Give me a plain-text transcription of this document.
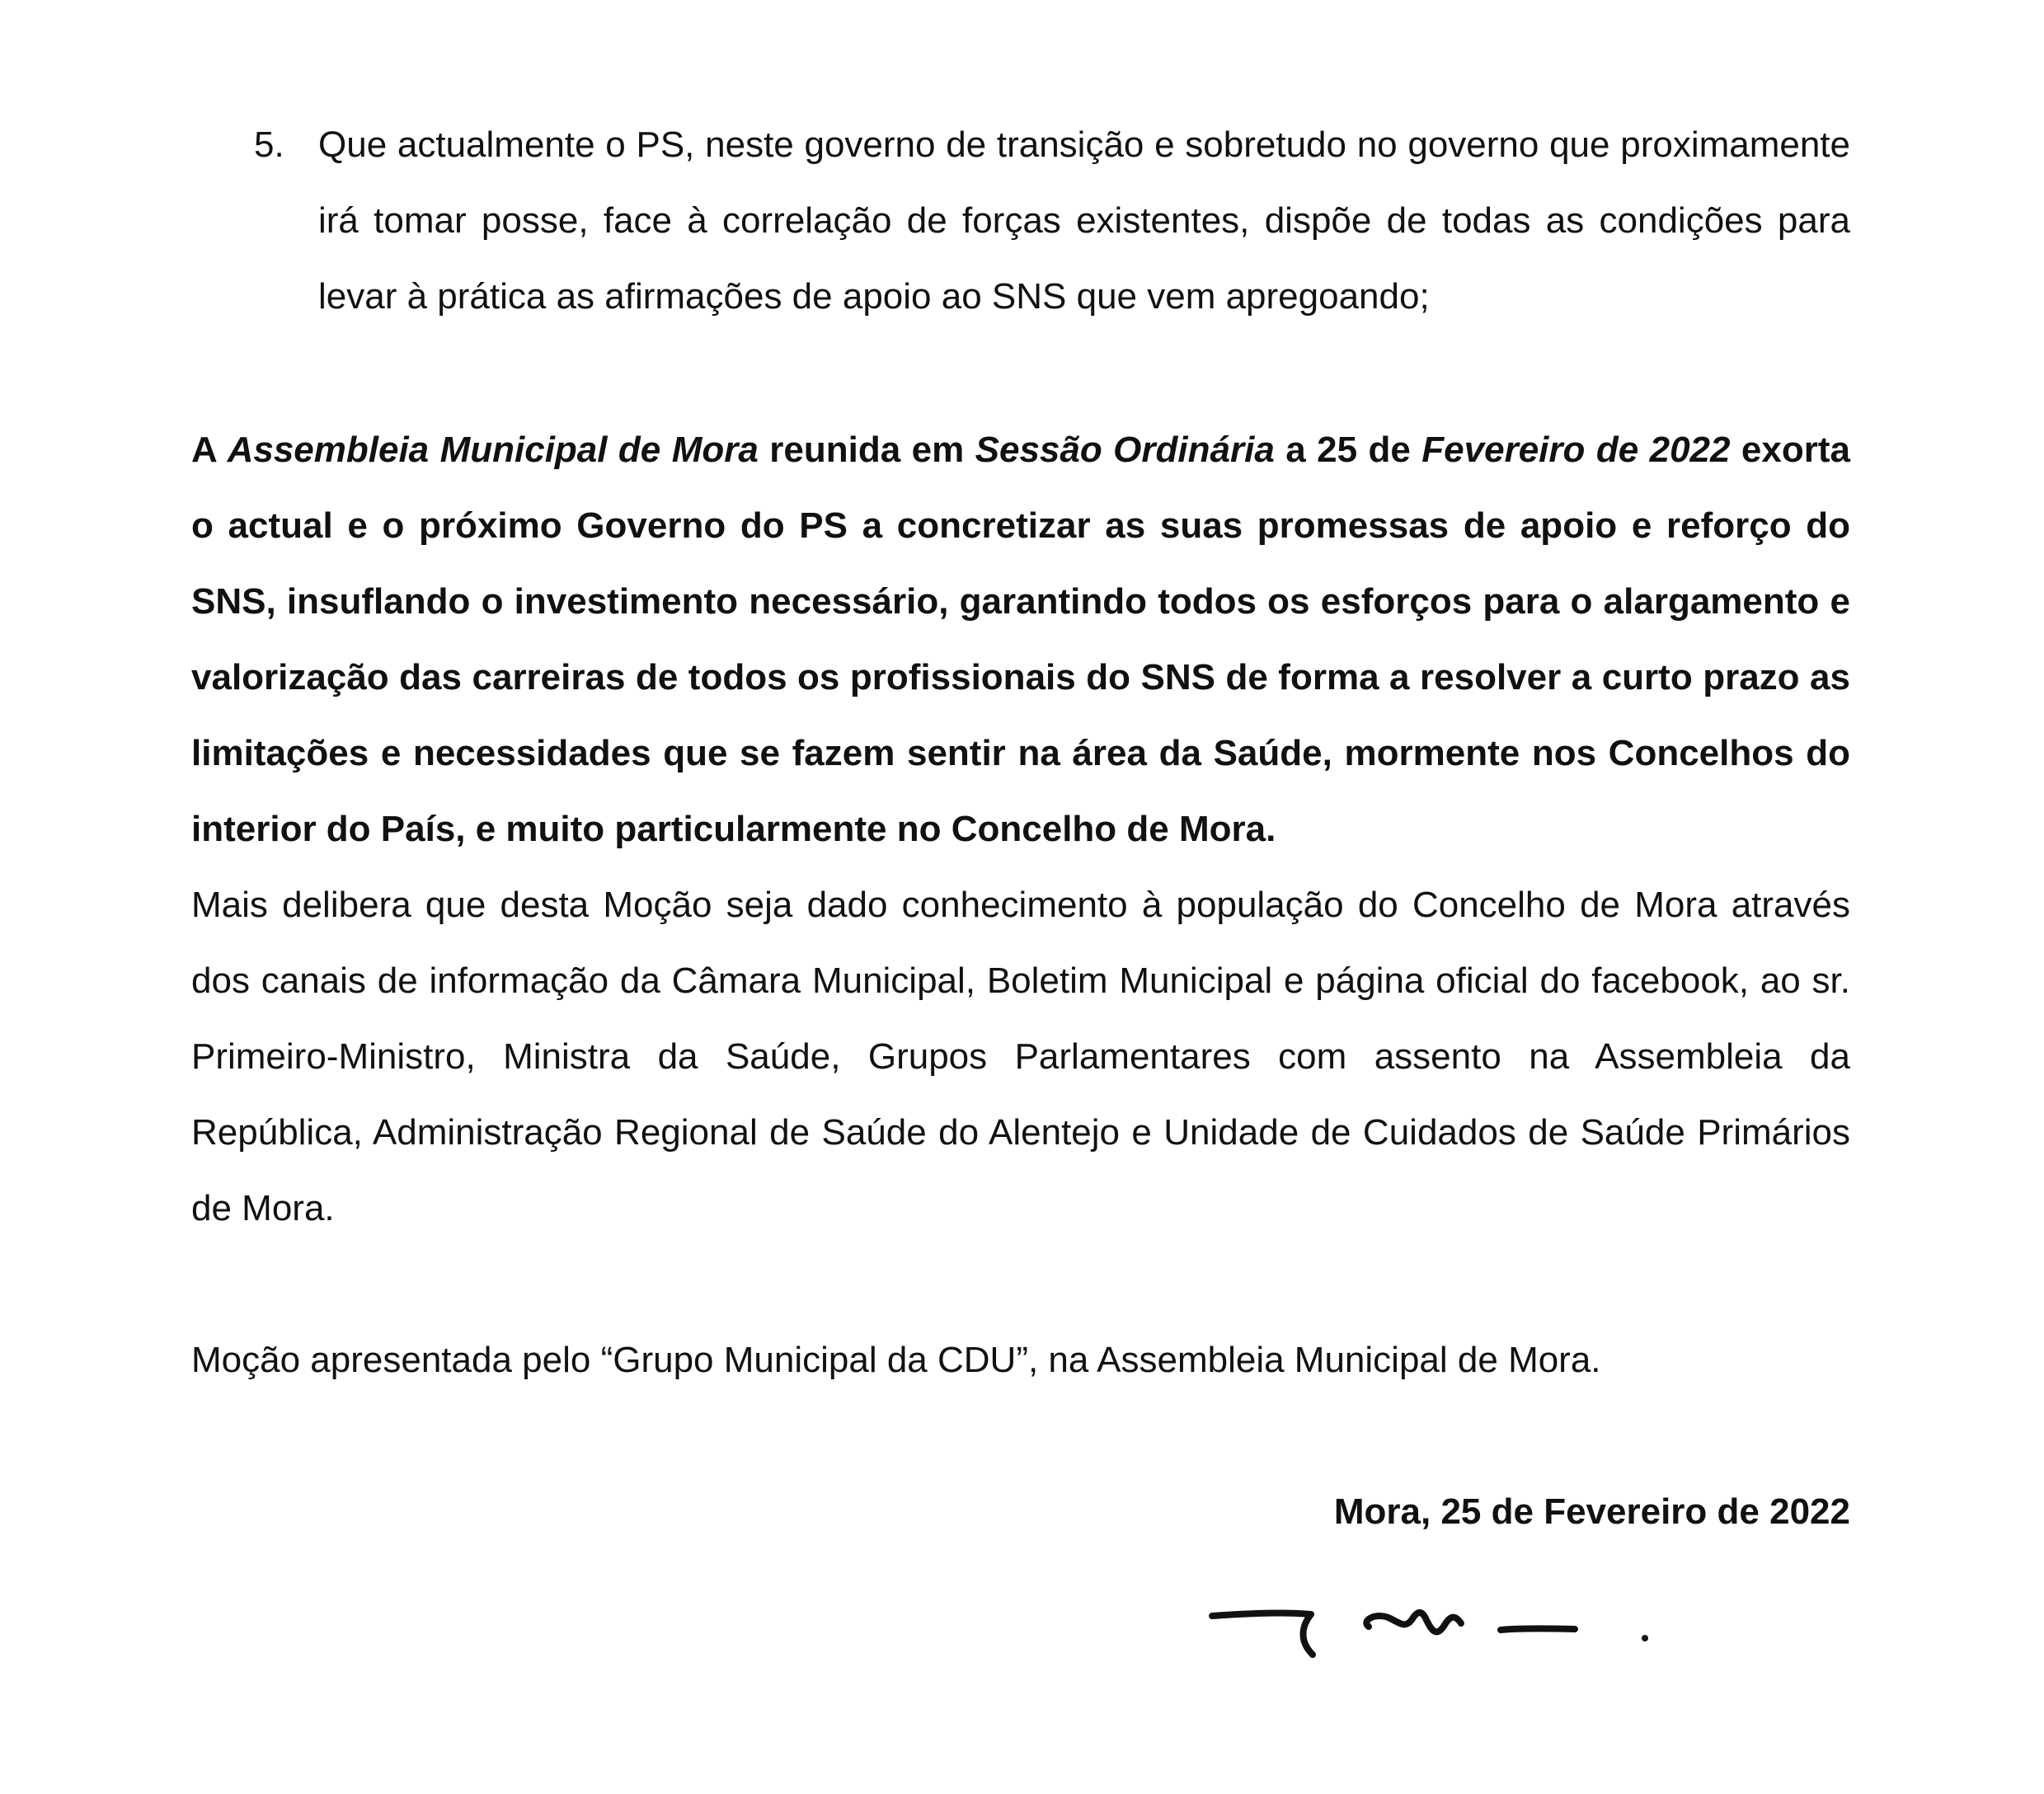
5. Que actualmente o PS, neste governo de transição e sobretudo no governo que proximamente irá tomar posse, face à correlação de forças existentes, dispõe de todas as condições para levar à prática as afirmações de apoio ao SNS que vem apregoando;
A Assembleia Municipal de Mora reunida em Sessão Ordinária a 25 de Fevereiro de 2022 exorta o actual e o próximo Governo do PS a concretizar as suas promessas de apoio e reforço do SNS, insuflando o investimento necessário, garantindo todos os esforços para o alargamento e valorização das carreiras de todos os profissionais do SNS de forma a resolver a curto prazo as limitações e necessidades que se fazem sentir na área da Saúde, mormente nos Concelhos do interior do País, e muito particularmente no Concelho de Mora.
Mais delibera que desta Moção seja dado conhecimento à população do Concelho de Mora através dos canais de informação da Câmara Municipal, Boletim Municipal e página oficial do facebook, ao sr. Primeiro-Ministro, Ministra da Saúde, Grupos Parlamentares com assento na Assembleia da República, Administração Regional de Saúde do Alentejo e Unidade de Cuidados de Saúde Primários de Mora.
Moção apresentada pelo “Grupo Municipal da CDU”, na Assembleia Municipal de Mora.
Mora, 25 de Fevereiro de 2022
